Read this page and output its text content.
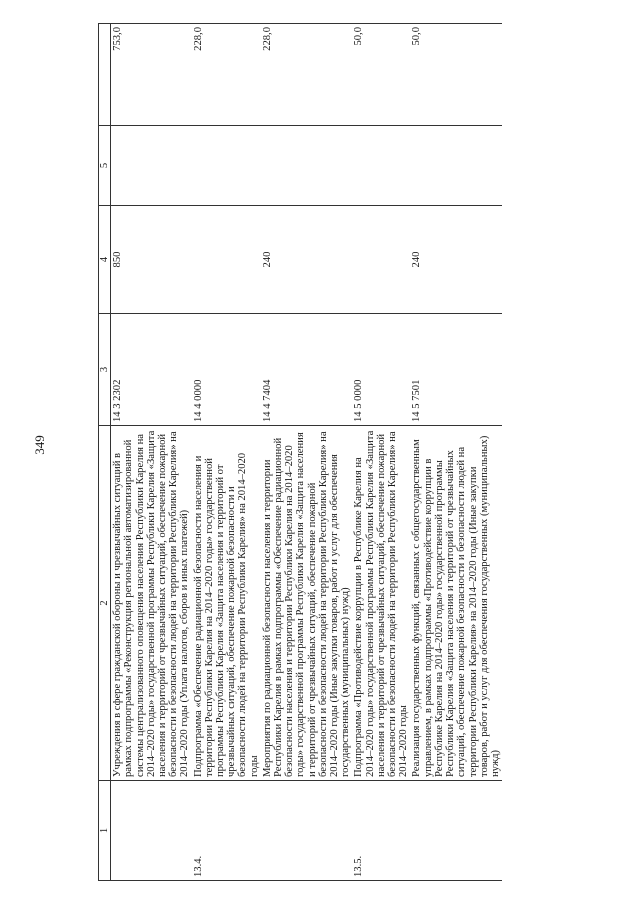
349
1	2	3	4	5	
	Учреждения в сфере гражданской обороны и чрезвычайных ситуаций в рамках подпрограммы «Реконструкция региональной автоматизированной системы централизованного оповещения населения Республики Карелия на 2014–2020 годы» государственной программы Республики Карелия «Защита населения и территорий от чрезвычайных ситуаций, обеспечение пожарной безопасности и безопасности людей на территории Республики Карелия» на 2014–2020 годы (Уплата налогов, сборов и иных платежей)	14 3 2302	850		753,0
13.4.	Подпрограмма «Обеспечение радиационной безопасности населения и территории Республики Карелия на 2014–2020 годы» государственной программы Республики Карелия «Защита населения и территорий от чрезвычайных ситуаций, обеспечение пожарной безопасности и безопасности людей на территории Республики Карелия» на 2014–2020 годы	14 4 0000			228,0
	Мероприятия по радиационной безопасности населения и территории Республики Карелия в рамках подпрограммы «Обеспечение радиационной безопасности населения и территории Республики Карелия на 2014–2020 годы» государственной программы Республики Карелия «Защита населения и территорий от чрезвычайных ситуаций, обеспечение пожарной безопасности и безопасности людей на территории Республики Карелия» на 2014–2020 годы (Иные закупки товаров, работ и услуг для обеспечения государственных (муниципальных) нужд)	14 4 7404	240		228,0
13.5.	Подпрограмма «Противодействие коррупции в Республике Карелия на 2014–2020 годы» государственной программы Республики Карелия «Защита населения и территорий от чрезвычайных ситуаций, обеспечение пожарной безопасности и безопасности людей на территории Республики Карелия» на 2014–2020 годы	14 5 0000			50,0
	Реализация государственных функций, связанных с общегосударственным управлением, в рамках подпрограммы «Противодействие коррупции в Республике Карелия на 2014–2020 годы» государственной программы Республики Карелия «Защита населения и территорий от чрезвычайных ситуаций, обеспечение пожарной безопасности и безопасности людей на территории Республики Карелия» на 2014–2020 годы (Иные закупки товаров, работ и услуг для обеспечения государственных (муниципальных) нужд)	14 5 7501	240		50,0
